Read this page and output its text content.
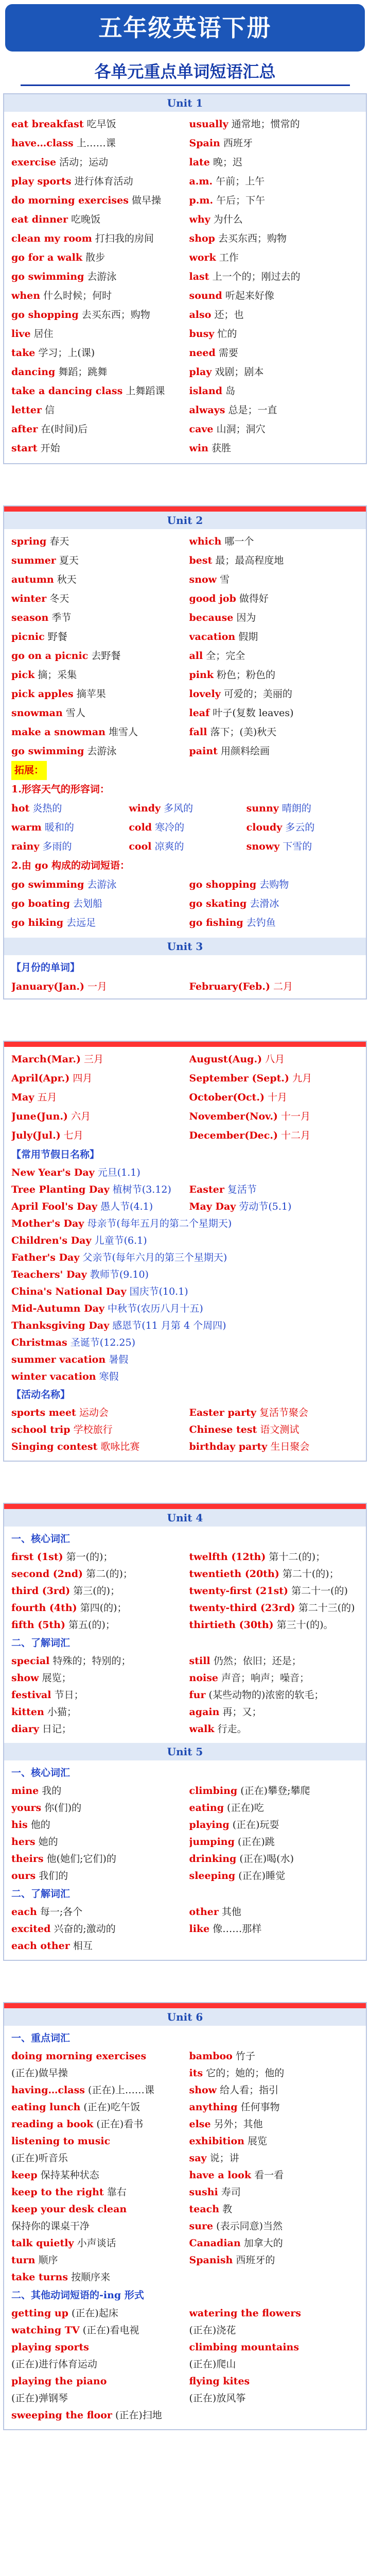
五年级英语下册
各单元重点单词短语汇总
Unit 1
eat breakfast 吃早饭	usually 通常地；惯常的
have…class 上……课	Spain 西班牙
exercise 活动；运动	late 晚；迟
play sports 进行体育活动	a.m. 午前；上午
do morning exercises 做早操	p.m. 午后；下午
eat dinner 吃晚饭	why 为什么
clean my room 打扫我的房间	shop 去买东西；购物
go for a walk 散步	work 工作
go swimming 去游泳	last 上一个的；刚过去的
when 什么时候；何时	sound 听起来好像
go shopping 去买东西；购物	also 还；也
live 居住	busy 忙的
take 学习；上(课)	need 需要
dancing 舞蹈；跳舞	play 戏剧；剧本
take a dancing class 上舞蹈课	island 岛
letter 信	always 总是；一直
after 在(时间)后	cave 山洞；洞穴
start 开始	win 获胜
Unit 2
spring 春天	which 哪一个
summer 夏天	best 最；最高程度地
autumn 秋天	snow 雪
winter 冬天	good job 做得好
season 季节	because 因为
picnic 野餐	vacation 假期
go on a picnic 去野餐	all 全；完全
pick 摘；采集	pink 粉色；粉色的
pick apples 摘苹果	lovely 可爱的；美丽的
snowman 雪人	leaf 叶子(复数 leaves)
make a snowman 堆雪人	fall 落下；(美)秋天
go swimming 去游泳	paint 用颜料绘画
拓展：
1.形容天气的形容词：
hot 炎热的	windy 多风的	sunny 晴朗的
warm 暖和的	cold 寒冷的	cloudy 多云的
rainy 多雨的	cool 凉爽的	snowy 下雪的
2.由 go 构成的动词短语：
go swimming 去游泳	go shopping 去购物
go boating 去划船	go skating 去滑冰
go hiking 去远足	go fishing 去钓鱼
Unit 3
【月份的单词】
January(Jan.) 一月	February(Feb.) 二月
March(Mar.) 三月	August(Aug.) 八月
April(Apr.) 四月	September (Sept.) 九月
May 五月	October(Oct.) 十月
June(Jun.) 六月	November(Nov.) 十一月
July(Jul.) 七月	December(Dec.) 十二月
【常用节假日名称】
New Year's Day 元旦(1.1)
Tree Planting Day 植树节(3.12)	Easter 复活节
April Fool's Day 愚人节(4.1)	May Day 劳动节(5.1)
Mother's Day 母亲节(每年五月的第二个星期天)
Children's Day 儿童节(6.1)
Father's Day 父亲节(每年六月的第三个星期天)
Teachers' Day 教师节(9.10)
China's National Day 国庆节(10.1)
Mid-Autumn Day 中秋节(农历八月十五)
Thanksgiving Day 感恩节(11 月第 4 个周四)
Christmas 圣诞节(12.25)
summer vacation 暑假
winter vacation 寒假
【活动名称】
sports meet 运动会	Easter party 复活节聚会
school trip 学校旅行	Chinese test 语文测试
Singing contest 歌咏比赛	birthday party 生日聚会
Unit 4
一、核心词汇
first (1st) 第一(的)；	twelfth (12th) 第十二(的)；
second (2nd) 第二(的)；	twentieth (20th) 第二十(的)；
third (3rd) 第三(的)；	twenty-first (21st) 第二十一(的)
fourth (4th) 第四(的)；	twenty-third (23rd) 第二十三(的)
fifth (5th) 第五(的)；	thirtieth (30th) 第三十(的)。
二、了解词汇
special 特殊的；特别的；	still 仍然；依旧；还是；
show 展览；	noise 声音；响声；噪音；
festival 节日；	fur (某些动物的)浓密的软毛；
kitten 小猫；	again 再；又；
diary 日记；	walk 行走。
Unit 5
一、核心词汇
mine 我的	climbing (正在)攀登;攀爬
yours 你(们)的	eating (正在)吃
his 他的	playing (正在)玩耍
hers 她的	jumping (正在)跳
theirs 他(她们;它们)的	drinking (正在)喝(水)
ours 我们的	sleeping (正在)睡觉
二、了解词汇
each 每一;各个	other 其他
excited 兴奋的;激动的	like 像……那样
each other 相互
Unit 6
一、重点词汇
doing morning exercises	bamboo 竹子
(正在)做早操	its 它的；她的；他的
having…class (正在)上……课	show 给人看；指引
eating lunch (正在)吃午饭	anything 任何事物
reading a book (正在)看书	else 另外；其他
listening to music	exhibition 展览
(正在)听音乐	say 说；讲
keep 保持某种状态	have a look 看一看
keep to the right 靠右	sushi 寿司
keep your desk clean	teach 教
保持你的课桌干净	sure (表示同意)当然
talk quietly 小声谈话	Canadian 加拿大的
turn 顺序	Spanish 西班牙的
take turns 按顺序来
二、其他动词短语的-ing 形式
getting up (正在)起床	watering the flowers
watching TV (正在)看电视	(正在)浇花
playing sports	climbing mountains
(正在)进行体育运动	(正在)爬山
playing the piano	flying kites
(正在)弹钢琴	(正在)放风筝
sweeping the floor (正在)扫地
